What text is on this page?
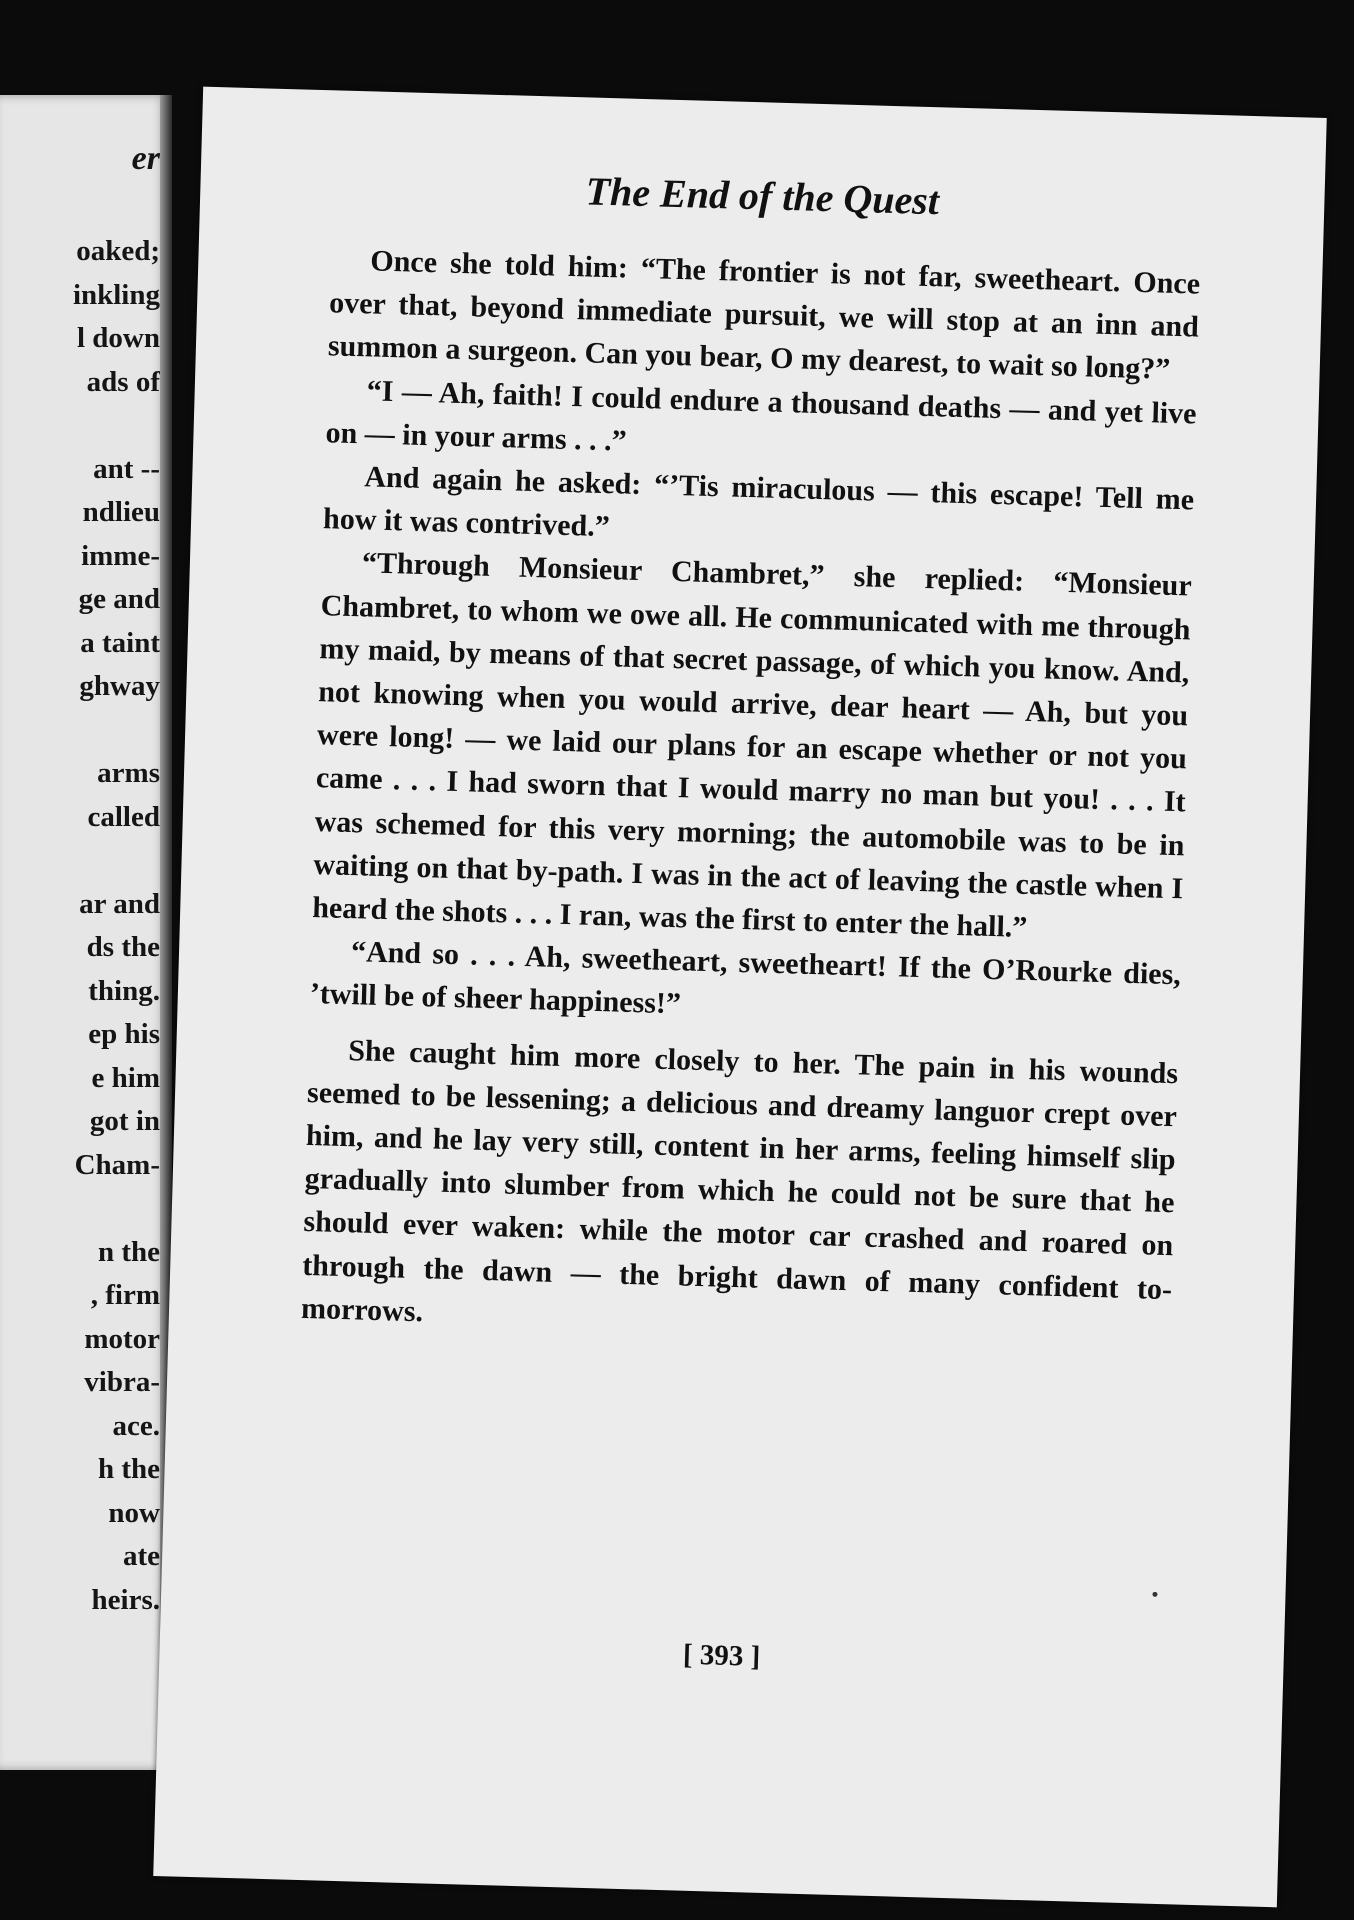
er
oaked;
inkling
l down
ads of
ant --
ndlieu
imme-
ge and
a taint
ghway
arms
called
ar and
ds the
thing.
ep his
e him
got in
Cham-
n the
, firm
motor
vibra-
ace.
h the
now
ate
heirs.
The End of the Quest

Once she told him: “The frontier is not far, sweetheart. Once over that, beyond immediate pursuit, we will stop at an inn and summon a surgeon. Can you bear, O my dearest, to wait so long?”

“I — Ah, faith! I could endure a thousand deaths — and yet live on — in your arms . . .”

And again he asked: “’Tis miraculous — this escape! Tell me how it was contrived.”

“Through Monsieur Chambret,” she replied: “Monsieur Chambret, to whom we owe all. He communicated with me through my maid, by means of that secret passage, of which you know. And, not knowing when you would arrive, dear heart — Ah, but you were long! — we laid our plans for an escape whether or not you came . . . I had sworn that I would marry no man but you! . . . It was schemed for this very morning; the automobile was to be in waiting on that by-path. I was in the act of leaving the castle when I heard the shots . . . I ran, was the first to enter the hall.”

“And so . . . Ah, sweetheart, sweetheart! If the O’Rourke dies, ’twill be of sheer happiness!”

She caught him more closely to her. The pain in his wounds seemed to be lessening; a delicious and dreamy languor crept over him, and he lay very still, content in her arms, feeling himself slip gradually into slumber from which he could not be sure that he should ever waken: while the motor car crashed and roared on through the dawn — the bright dawn of many confident to-morrows.

[ 393 ]
